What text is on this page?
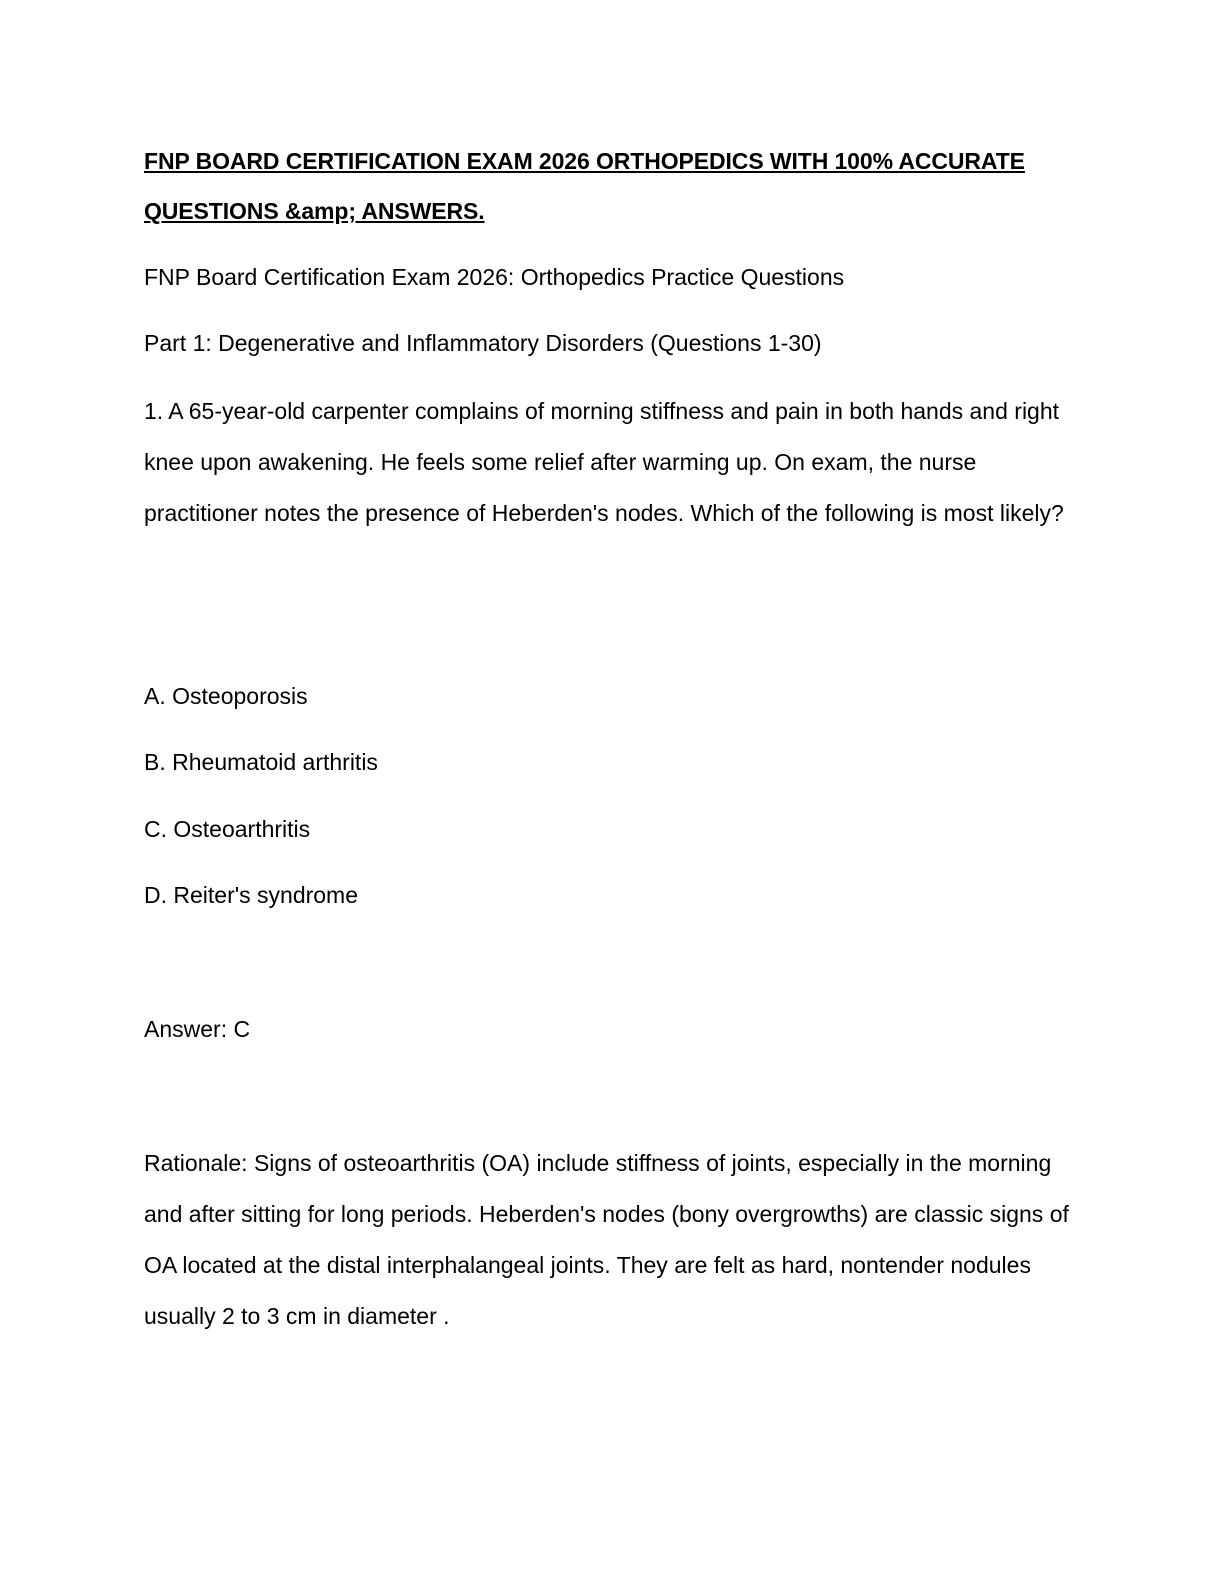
FNP BOARD CERTIFICATION EXAM 2026 ORTHOPEDICS WITH 100% ACCURATE QUESTIONS &amp; ANSWERS.

FNP Board Certification Exam 2026: Orthopedics Practice Questions

Part 1: Degenerative and Inflammatory Disorders (Questions 1-30)

1. A 65-year-old carpenter complains of morning stiffness and pain in both hands and right knee upon awakening. He feels some relief after warming up. On exam, the nurse practitioner notes the presence of Heberden's nodes. Which of the following is most likely?

A. Osteoporosis

B. Rheumatoid arthritis

C. Osteoarthritis

D. Reiter's syndrome

Answer: C

Rationale: Signs of osteoarthritis (OA) include stiffness of joints, especially in the morning and after sitting for long periods. Heberden's nodes (bony overgrowths) are classic signs of OA located at the distal interphalangeal joints. They are felt as hard, nontender nodules usually 2 to 3 cm in diameter .
